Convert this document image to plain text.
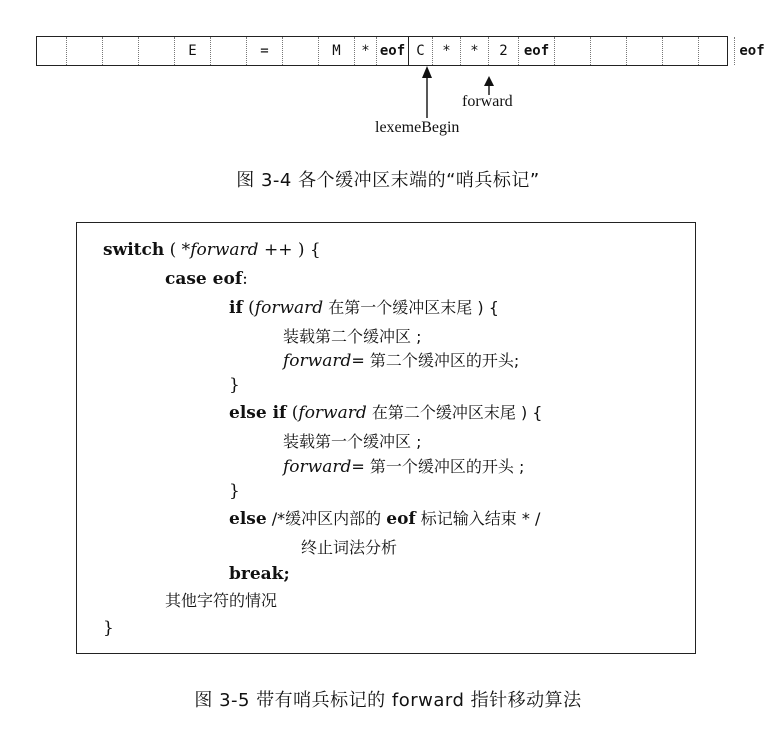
E	=	M	* eof C	*	*	2	eof	eof
forward
lexemeBegin
图 3-4 各个缓冲区末端的“哨兵标记”
switch ( *forward ++ ) {
case eof:
if (forward 在第一个缓冲区末尾 ) {
装载第二个缓冲区 ;
forward= 第二个缓冲区的开头;
}
else if (forward 在第二个缓冲区末尾 ) {
装载第一个缓冲区 ;
forward= 第一个缓冲区的开头 ;
}
else /*缓冲区内部的 eof 标记输入结束 * /
终止词法分析
break;
其他字符的情况
}
图 3-5 带有哨兵标记的 forward 指针移动算法
